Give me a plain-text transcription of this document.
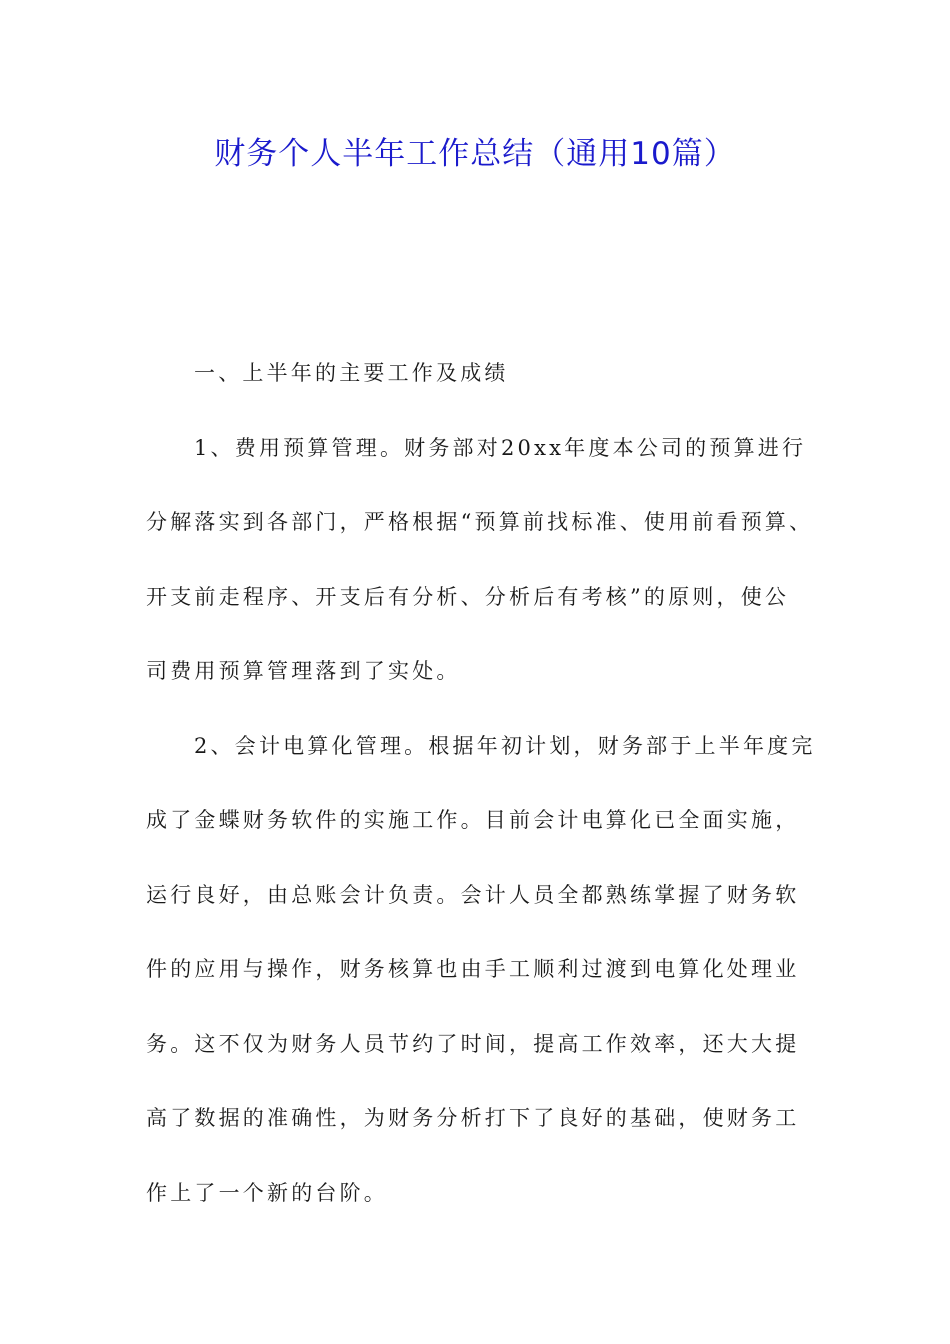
财务个人半年工作总结（通用10篇）
一、上半年的主要工作及成绩
1、费用预算管理。财务部对20xx年度本公司的预算进行
分解落实到各部门，严格根据“预算前找标准、使用前看预算、
开支前走程序、开支后有分析、分析后有考核”的原则，使公
司费用预算管理落到了实处。
2、会计电算化管理。根据年初计划，财务部于上半年度完
成了金蝶财务软件的实施工作。目前会计电算化已全面实施，
运行良好，由总账会计负责。会计人员全都熟练掌握了财务软
件的应用与操作，财务核算也由手工顺利过渡到电算化处理业
务。这不仅为财务人员节约了时间，提高工作效率，还大大提
高了数据的准确性，为财务分析打下了良好的基础，使财务工
作上了一个新的台阶。
